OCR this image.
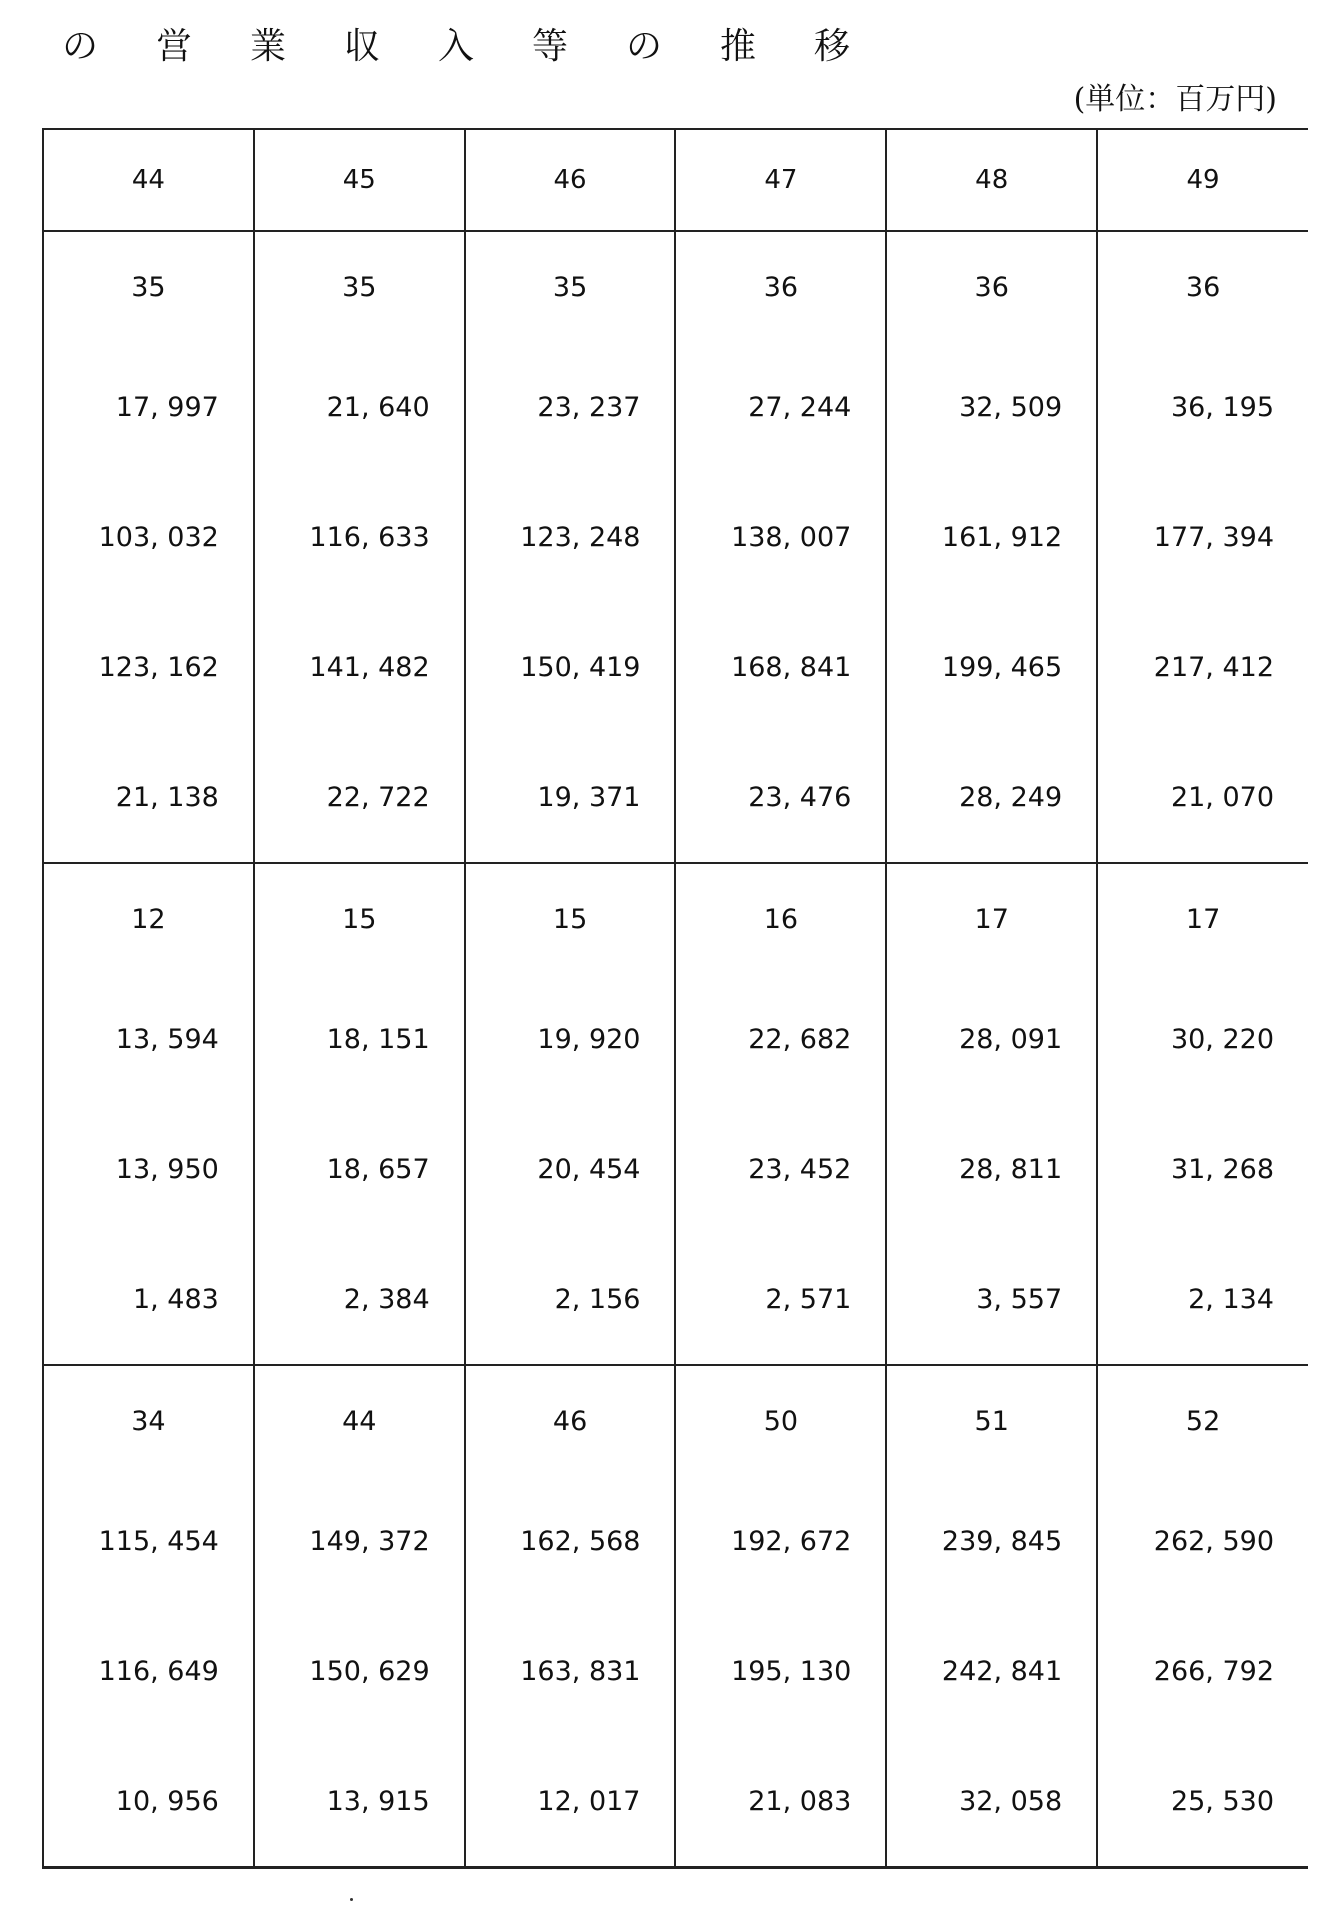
の営業収入等の推移
(単位：百万円)
44	45	46	47	48	49
35	35	35	36	36	36
17, 997	21, 640	23, 237	27, 244	32, 509	36, 195
103, 032	116, 633	123, 248	138, 007	161, 912	177, 394
123, 162	141, 482	150, 419	168, 841	199, 465	217, 412
21, 138	22, 722	19, 371	23, 476	28, 249	21, 070
12	15	15	16	17	17
13, 594	18, 151	19, 920	22, 682	28, 091	30, 220
13, 950	18, 657	20, 454	23, 452	28, 811	31, 268
1, 483	2, 384	2, 156	2, 571	3, 557	2, 134
34	44	46	50	51	52
115, 454	149, 372	162, 568	192, 672	239, 845	262, 590
116, 649	150, 629	163, 831	195, 130	242, 841	266, 792
10, 956	13, 915	12, 017	21, 083	32, 058	25, 530
